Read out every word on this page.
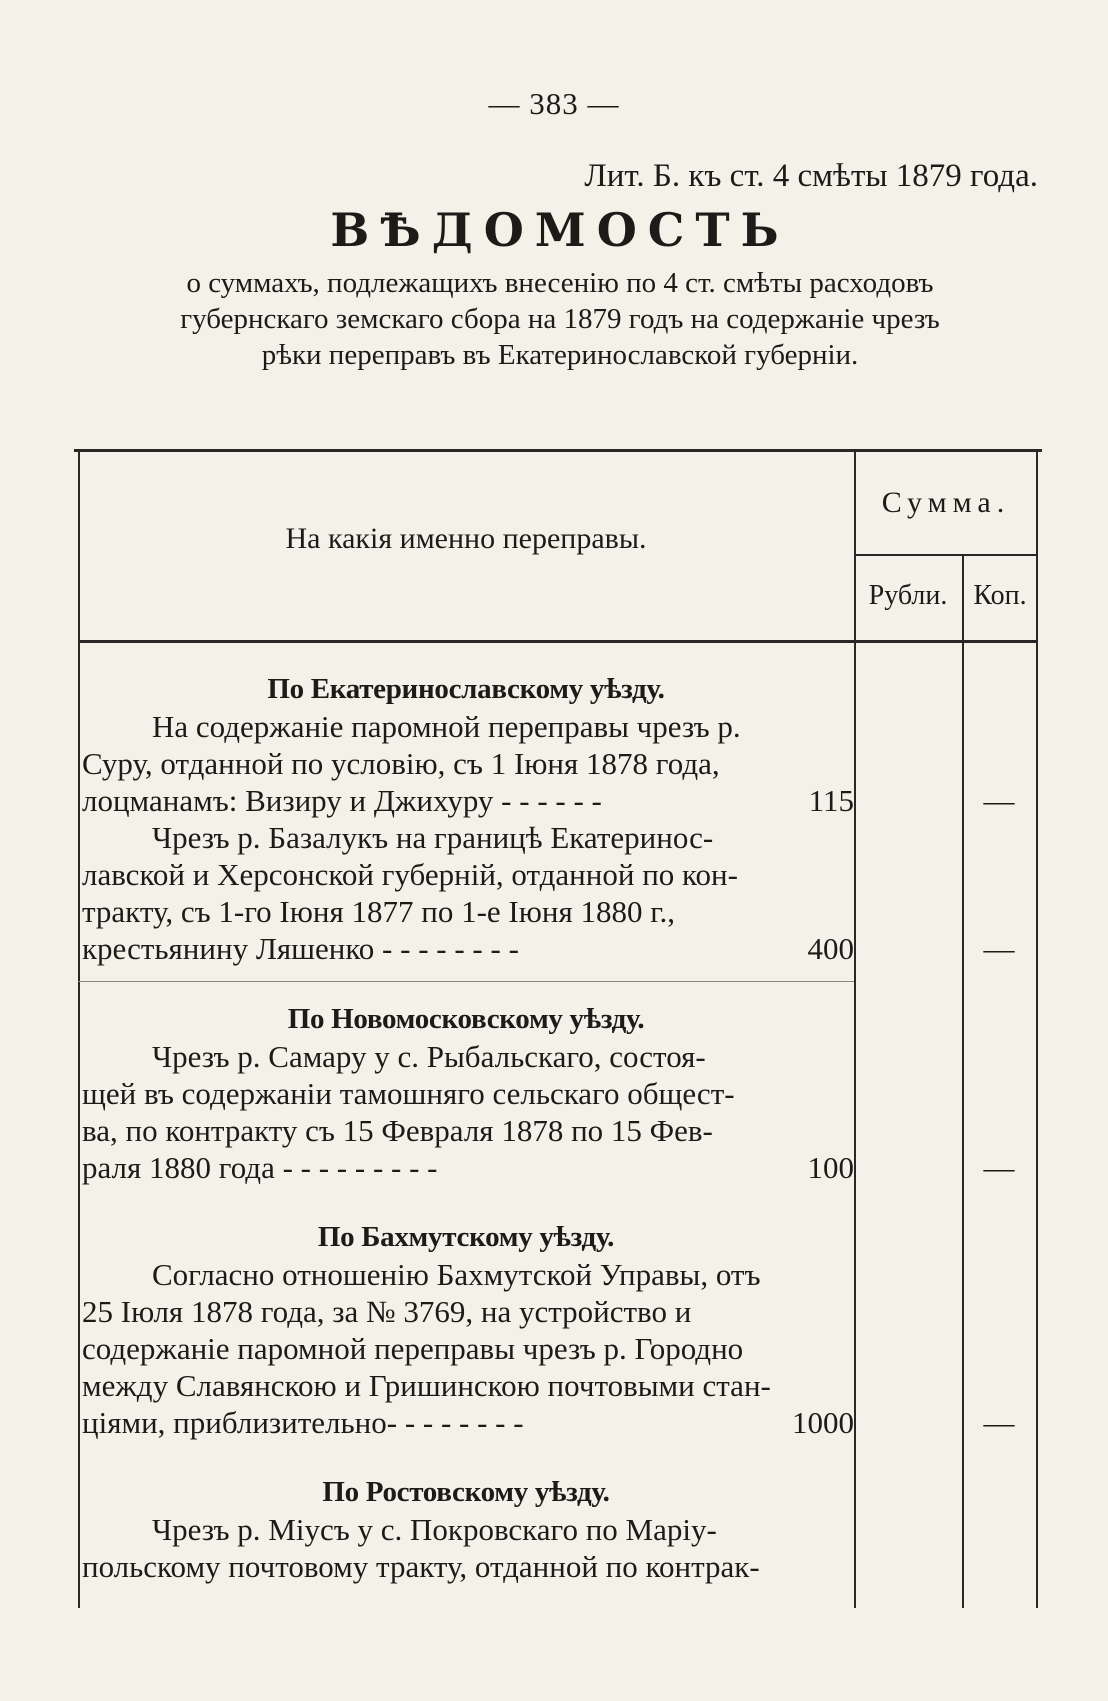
— 383 —
Лит. Б. къ ст. 4 смѣты 1879 года.
ВѢДОМОСТЬ
о суммахъ, подлежащихъ внесенію по 4 ст. смѣты расходовъ
губернскаго земскаго сбора на 1879 годъ на содержаніе чрезъ
рѣки переправъ въ Екатеринославской губерніи.
На какія именно переправы.
Сумма.
Рубли. Коп.
По Екатеринославскому уѣзду.
На содержаніе паромной переправы чрезъ р.
Суру, отданной по условію, съ 1 Іюня 1878 года,
лоцманамъ: Визиру и Джихуру - - - - - -	115	—
Чрезъ р. Базалукъ на границѣ Екатеринос-
лавской и Херсонской губерній, отданной по кон-
тракту, съ 1-го Іюня 1877 по 1-е Іюня 1880 г.,
крестьянину Ляшенко - - - - - - - -	400	—
По Новомосковскому уѣзду.
Чрезъ р. Самару у с. Рыбальскаго, состоя-
щей въ содержаніи тамошняго сельскаго общест-
ва, по контракту съ 15 Февраля 1878 по 15 Фев-
раля 1880 года - - - - - - - - -	100	—
По Бахмутскому уѣзду.
Согласно отношенію Бахмутской Управы, отъ
25 Іюля 1878 года, за № 3769, на устройство и
содержаніе паромной переправы чрезъ р. Городно
между Славянскою и Гришинскою почтовыми стан-
ціями, приблизительно- - - - - - - -	1000	—
По Ростовскому уѣзду.
Чрезъ р. Міусъ у с. Покровскаго по Маріу-
польскому почтовому тракту, отданной по контрак-
